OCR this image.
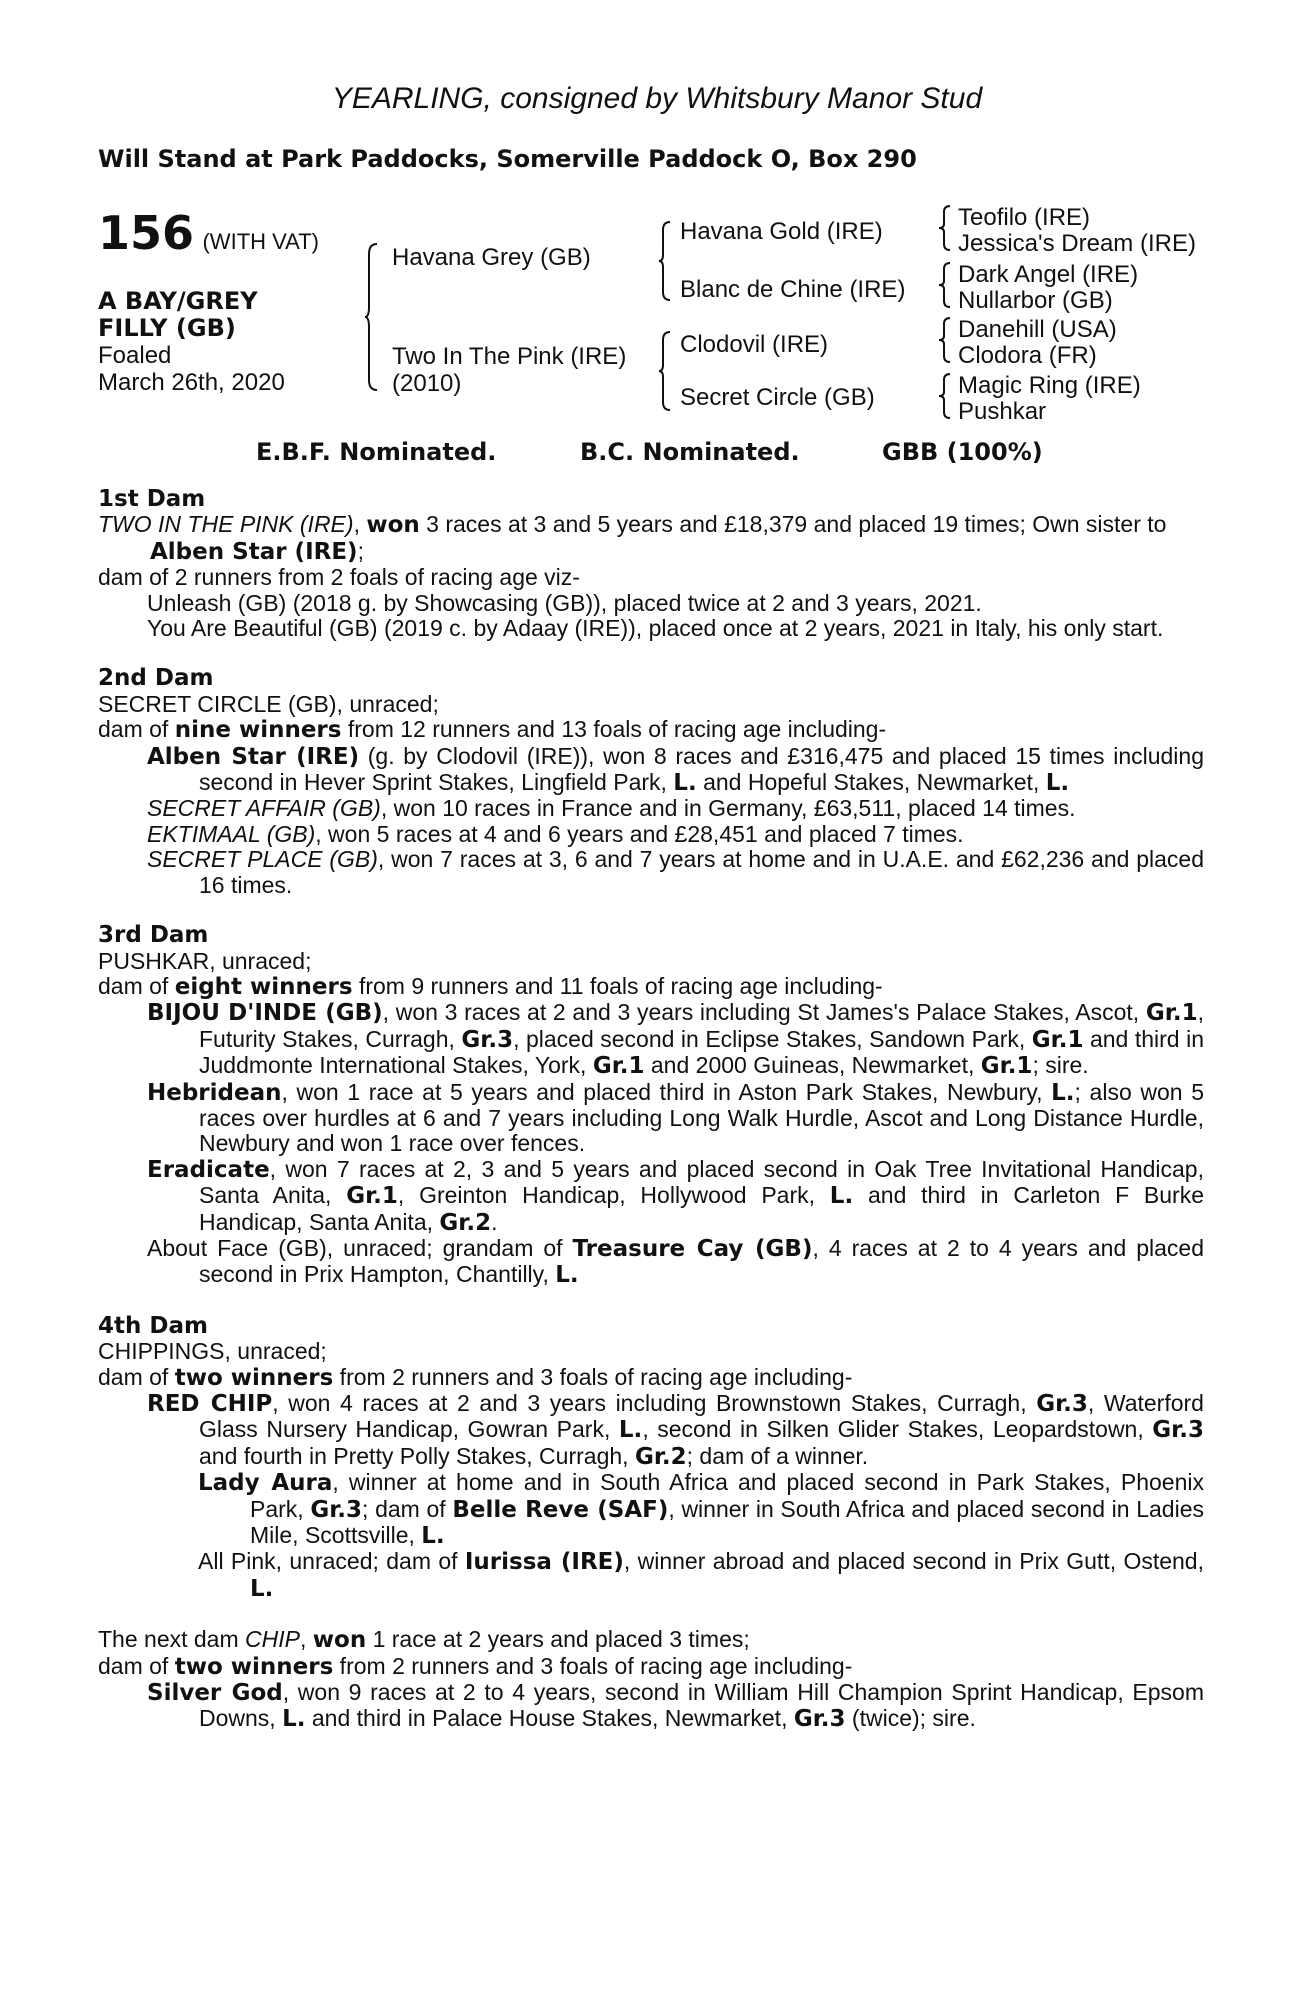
YEARLING, consigned by Whitsbury Manor Stud
Will Stand at Park Paddocks, Somerville Paddock O, Box 290
156 (WITH VAT)
A BAY/GREY
FILLY (GB)
Foaled
March 26th, 2020
Havana Grey (GB)
Two In The Pink (IRE)
(2010)
Havana Gold (IRE)
Blanc de Chine (IRE)
Clodovil (IRE)
Secret Circle (GB)
Teofilo (IRE)
Jessica's Dream (IRE)
Dark Angel (IRE)
Nullarbor (GB)
Danehill (USA)
Clodora (FR)
Magic Ring (IRE)
Pushkar
E.B.F. Nominated.	B.C. Nominated.	GBB (100%)
1st Dam

TWO IN THE PINK (IRE), won 3 races at 3 and 5 years and £18,379 and placed 19 times; Own sister to Alben Star (IRE);

dam of 2 runners from 2 foals of racing age viz-

Unleash (GB) (2018 g. by Showcasing (GB)), placed twice at 2 and 3 years, 2021.

You Are Beautiful (GB) (2019 c. by Adaay (IRE)), placed once at 2 years, 2021 in Italy, his only start.

2nd Dam

SECRET CIRCLE (GB), unraced;

dam of nine winners from 12 runners and 13 foals of racing age including-

Alben Star (IRE) (g. by Clodovil (IRE)), won 8 races and £316,475 and placed 15 times including second in Hever Sprint Stakes, Lingfield Park, L. and Hopeful Stakes, Newmarket, L.

SECRET AFFAIR (GB), won 10 races in France and in Germany, £63,511, placed 14 times.

EKTIMAAL (GB), won 5 races at 4 and 6 years and £28,451 and placed 7 times.

SECRET PLACE (GB), won 7 races at 3, 6 and 7 years at home and in U.A.E. and £62,236 and placed 16 times.

3rd Dam

PUSHKAR, unraced;

dam of eight winners from 9 runners and 11 foals of racing age including-

BIJOU D'INDE (GB), won 3 races at 2 and 3 years including St James's Palace Stakes, Ascot, Gr.1, Futurity Stakes, Curragh, Gr.3, placed second in Eclipse Stakes, Sandown Park, Gr.1 and third in Juddmonte International Stakes, York, Gr.1 and 2000 Guineas, Newmarket, Gr.1; sire.

Hebridean, won 1 race at 5 years and placed third in Aston Park Stakes, Newbury, L.; also won 5 races over hurdles at 6 and 7 years including Long Walk Hurdle, Ascot and Long Distance Hurdle, Newbury and won 1 race over fences.

Eradicate, won 7 races at 2, 3 and 5 years and placed second in Oak Tree Invitational Handicap, Santa Anita, Gr.1, Greinton Handicap, Hollywood Park, L. and third in Carleton F Burke Handicap, Santa Anita, Gr.2.

About Face (GB), unraced; grandam of Treasure Cay (GB), 4 races at 2 to 4 years and placed second in Prix Hampton, Chantilly, L.

4th Dam

CHIPPINGS, unraced;

dam of two winners from 2 runners and 3 foals of racing age including-

RED CHIP, won 4 races at 2 and 3 years including Brownstown Stakes, Curragh, Gr.3, Waterford Glass Nursery Handicap, Gowran Park, L., second in Silken Glider Stakes, Leopardstown, Gr.3 and fourth in Pretty Polly Stakes, Curragh, Gr.2; dam of a winner.

Lady Aura, winner at home and in South Africa and placed second in Park Stakes, Phoenix Park, Gr.3; dam of Belle Reve (SAF), winner in South Africa and placed second in Ladies Mile, Scottsville, L.

All Pink, unraced; dam of Iurissa (IRE), winner abroad and placed second in Prix Gutt, Ostend, L.

The next dam CHIP, won 1 race at 2 years and placed 3 times;

dam of two winners from 2 runners and 3 foals of racing age including-

Silver God, won 9 races at 2 to 4 years, second in William Hill Champion Sprint Handicap, Epsom Downs, L. and third in Palace House Stakes, Newmarket, Gr.3 (twice); sire.
